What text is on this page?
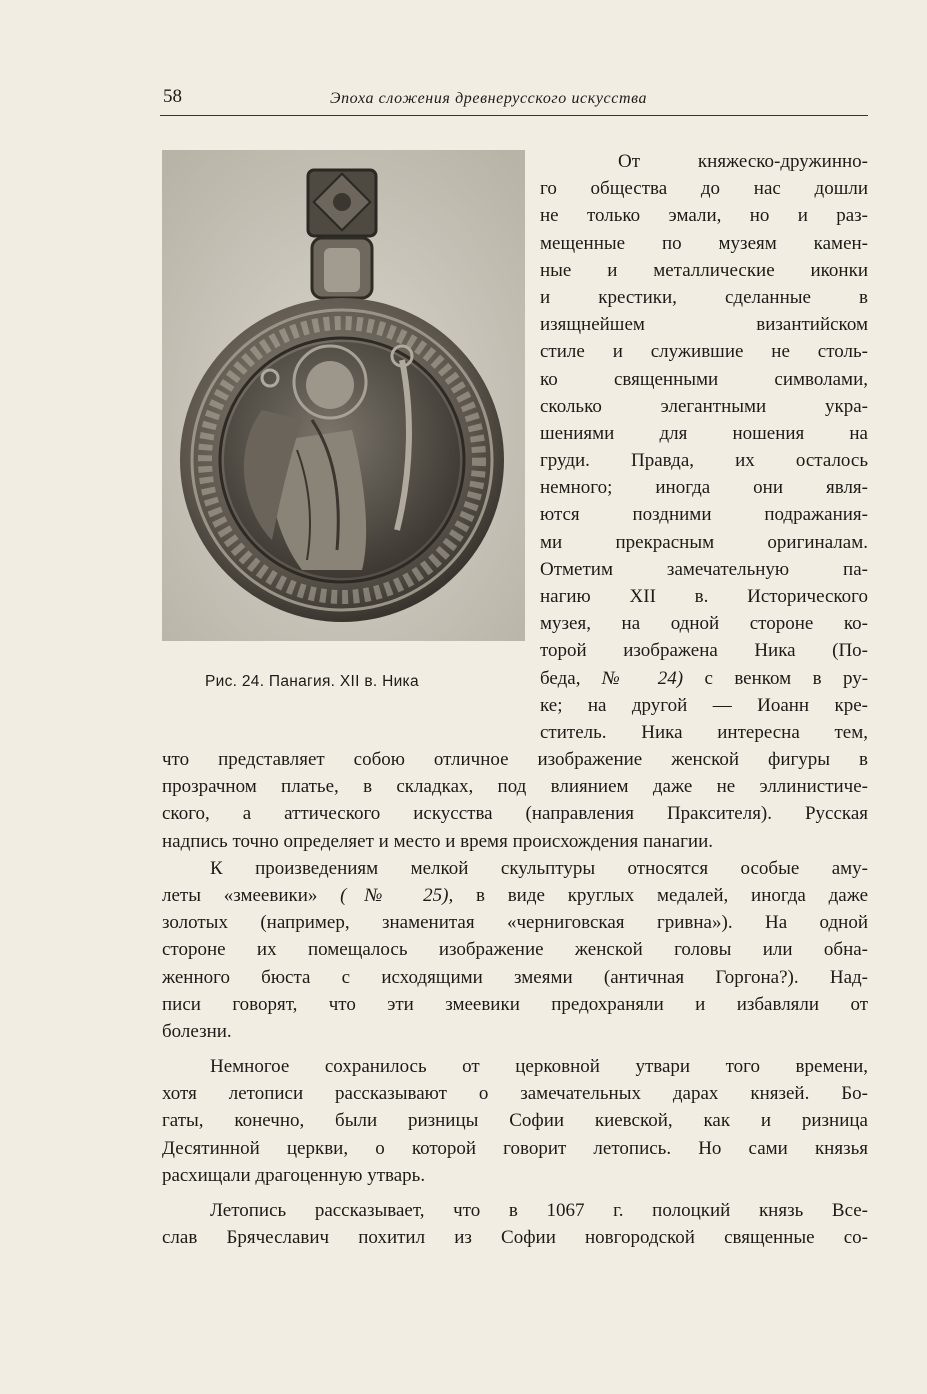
58	Эпоха сложения древнерусского искусства
Рис. 24. Панагия. XII в. Ника
От княжеско-дружинно-
го общества до нас дошли
не только эмали, но и раз-
мещенные по музеям камен-
ные и металлические иконки
и крестики, сделанные в
изящнейшем византийском
стиле и служившие не столь-
ко священными символами,
сколько элегантными укра-
шениями для ношения на
груди. Правда, их осталось
немного; иногда они явля-
ются поздними подражания-
ми прекрасным оригиналам.
Отметим замечательную па-
нагию XII в. Исторического
музея, на одной стороне ко-
торой изображена Ника (По-
беда, № 24) с венком в ру-
ке; на другой — Иоанн кре-
ститель. Ника интересна тем,
что представляет собою отличное изображение женской фигуры в
прозрачном платье, в складках, под влиянием даже не эллинистиче-
ского, а аттического искусства (направления Праксителя). Русская
надпись точно определяет и место и время происхождения панагии.
К произведениям мелкой скульптуры относятся особые аму-
леты «змеевики» (№ 25), в виде круглых медалей, иногда даже
золотых (например, знаменитая «черниговская гривна»). На одной
стороне их помещалось изображение женской головы или обна-
женного бюста с исходящими змеями (античная Горгона?). Над-
писи говорят, что эти змеевики предохраняли и избавляли от
болезни.
Немногое сохранилось от церковной утвари того времени,
хотя летописи рассказывают о замечательных дарах князей. Бо-
гаты, конечно, были ризницы Софии киевской, как и ризница
Десятинной церкви, о которой говорит летопись. Но сами князья
расхищали драгоценную утварь.
Летопись рассказывает, что в 1067 г. полоцкий князь Все-
слав Брячеславич похитил из Софии новгородской священные со-
